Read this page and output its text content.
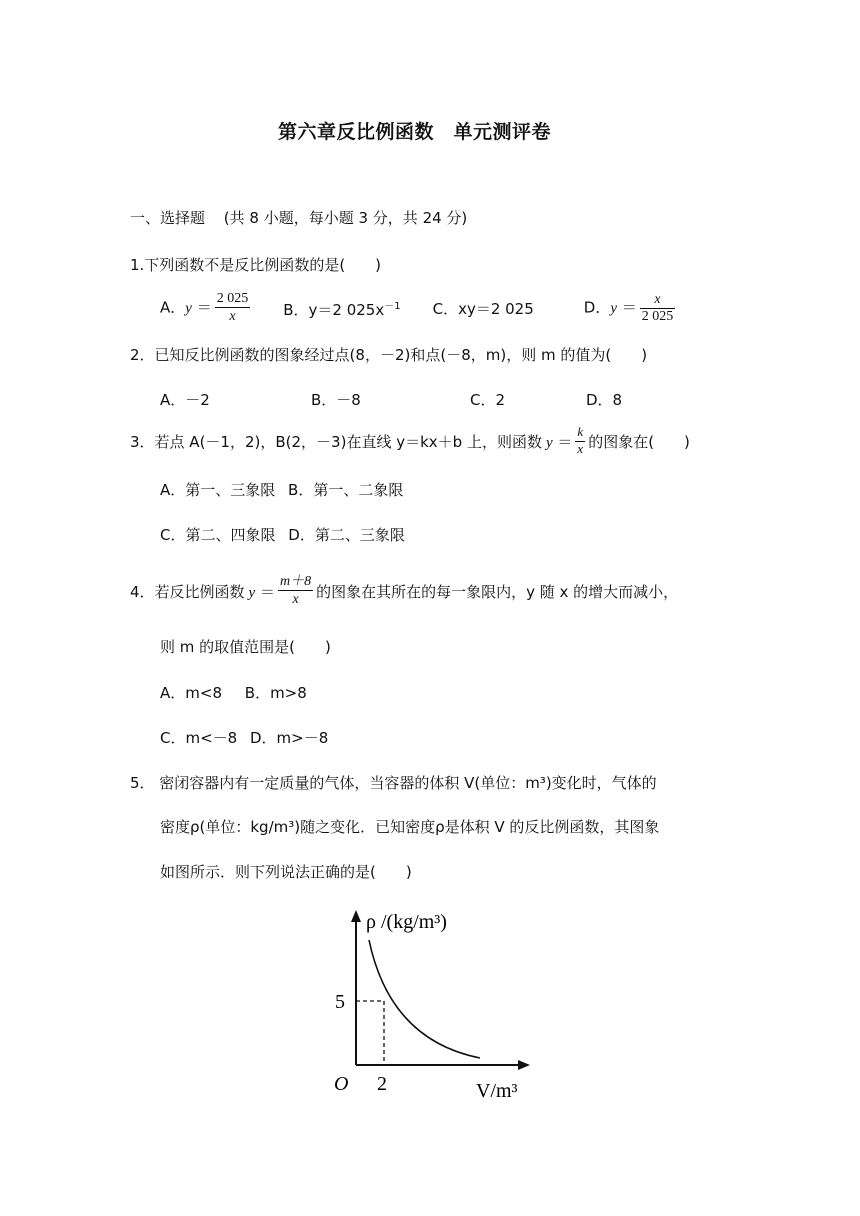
第六章反比例函数　单元测评卷
一、选择题 (共 8 小题，每小题 3 分，共 24 分)
1.下列函数不是反比例函数的是(　　)
A．$y = \frac{2 025}{x}$ B．y＝2 $025x^{-1}$ C．xy＝2 025	D．$y = \frac{x}{2 025}$
2．已知反比例函数的图象经过点(8，－2)和点(－8，m)，则 m 的值为(　　)
A．－2	B．－8	C．2	D．8
3．若点 A(－1，2)，B(2，－3)在直线 y＝kx＋b 上，则函数 $y = \frac{k}{x}$ 的图象在(　　)
A．第一、三象限 B．第一、二象限
C．第二、四象限 D．第二、三象限
4．若反比例函数 $y = \frac{m+8}{x}$ 的图象在其所在的每一象限内，y 随 x 的增大而减小，
则 m 的取值范围是(　　)
A．m<8 B．m>8
C．m<－8 D．m>－8
5． 密闭容器内有一定质量的气体，当容器的体积 V(单位：m³)变化时，气体的
密度ρ(单位：kg/m³)随之变化．已知密度ρ是体积 V 的反比例函数，其图象
如图所示．则下列说法正确的是(　　)
ρ /(kg/m³)
V/m³
O
5
2
